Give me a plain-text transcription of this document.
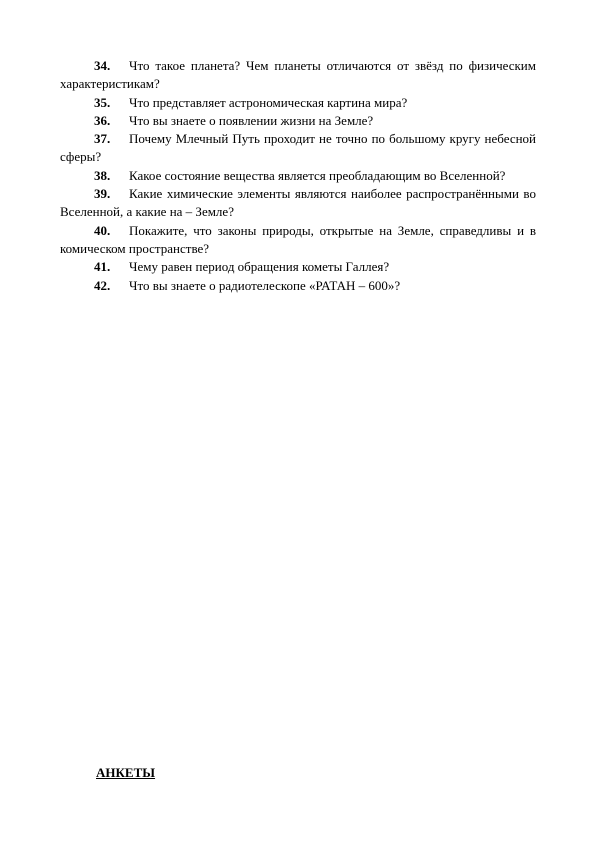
34. Что такое планета? Чем планеты отличаются от звёзд по физическим характеристикам?

35. Что представляет астрономическая картина мира?

36. Что вы знаете о появлении жизни на Земле?

37. Почему Млечный Путь проходит не точно по большому кругу небесной сферы?

38. Какое состояние вещества является преобладающим во Вселенной?

39. Какие химические элементы являются наиболее распространёнными во Вселенной, а какие на – Земле?

40. Покажите, что законы природы, открытые на Земле, справедливы и в комическом пространстве?

41. Чему равен период обращения кометы Галлея?

42. Что вы знаете о радиотелескопе «РАТАН – 600»?

АНКЕТЫ
